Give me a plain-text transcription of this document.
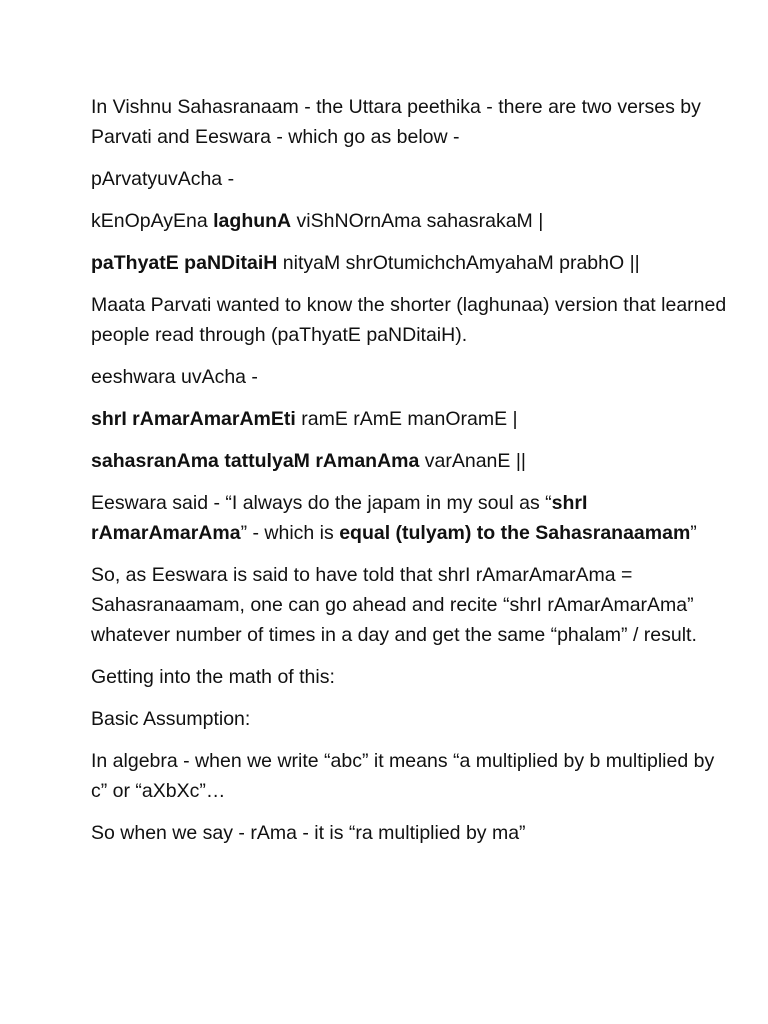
In Vishnu Sahasranaam - the Uttara peethika - there are two verses by Parvati and Eeswara - which go as below -

pArvatyuvAcha -

kEnOpAyEna laghunA viShNOrnAma sahasrakaM |

paThyatE paNDitaiH nityaM shrOtumichchAmyahaM prabhO ||

Maata Parvati wanted to know the shorter (laghunaa) version that learned people read through (paThyatE paNDitaiH).

eeshwara uvAcha -

shrI rAmarAmarAmEti ramE rAmE manOramE |

sahasranAma tattulyaM rAmanAma varAnanE ||

Eeswara said - “I always do the japam in my soul as “shrI rAmarAmarAma” - which is equal (tulyam) to the Sahasranaamam”

So, as Eeswara is said to have told that shrI rAmarAmarAma = Sahasranaamam, one can go ahead and recite “shrI rAmarAmarAma” whatever number of times in a day and get the same “phalam” / result.

Getting into the math of this:

Basic Assumption:

In algebra - when we write “abc” it means “a multiplied by b multiplied by c” or “aXbXc”…

So when we say - rAma - it is “ra multiplied by ma”
